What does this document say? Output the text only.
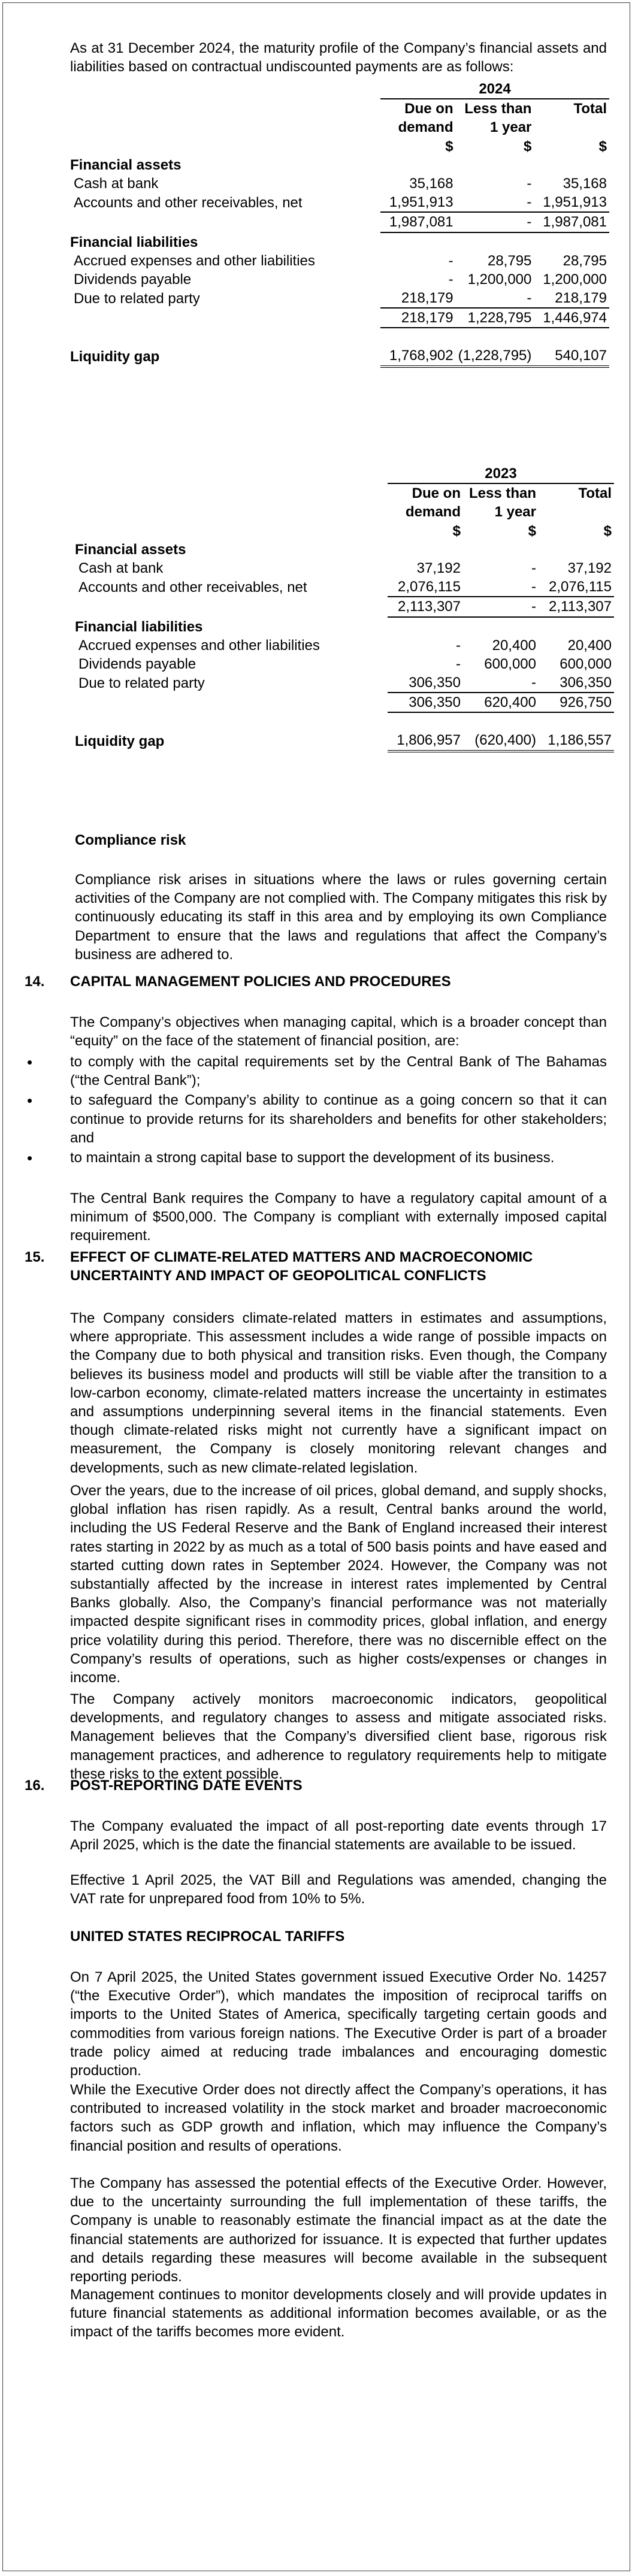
As at 31 December 2024, the maturity profile of the Company’s financial assets and liabilities based on contractual undiscounted payments are as follows:

	2024		
	Due on	Less than	Total
	demand	1 year	
	$	$	$
Financial assets			
Cash at bank	35,168	-	35,168
Accounts and other receivables, net	1,951,913	-	1,951,913
	1,987,081	-	1,987,081
Financial liabilities			
Accrued expenses and other liabilities	-	28,795	28,795
Dividends payable	-	1,200,000	1,200,000
Due to related party	218,179	-	218,179
	218,179	1,228,795	1,446,974

Liquidity gap	1,768,902	(1,228,795)	540,107
	2023		
	Due on	Less than	Total
	demand	1 year	
	$	$	$
Financial assets			
Cash at bank	37,192	-	37,192
Accounts and other receivables, net	2,076,115	-	2,076,115
	2,113,307	-	2,113,307
Financial liabilities			
Accrued expenses and other liabilities	-	20,400	20,400
Dividends payable	-	600,000	600,000
Due to related party	306,350	-	306,350
	306,350	620,400	926,750

Liquidity gap	1,806,957	(620,400)	1,186,557
Compliance risk

Compliance risk arises in situations where the laws or rules governing certain activities of the Company are not complied with. The Company mitigates this risk by continuously educating its staff in this area and by employing its own Compliance Department to ensure that the laws and regulations that affect the Company’s business are adhered to.

14. CAPITAL MANAGEMENT POLICIES AND PROCEDURES

The Company’s objectives when managing capital, which is a broader concept than “equity” on the face of the statement of financial position, are:

• to comply with the capital requirements set by the Central Bank of The Bahamas (“the Central Bank”);
• to safeguard the Company’s ability to continue as a going concern so that it can continue to provide returns for its shareholders and benefits for other stakeholders; and
• to maintain a strong capital base to support the development of its business.

The Central Bank requires the Company to have a regulatory capital amount of a minimum of $500,000. The Company is compliant with externally imposed capital requirement.

15. EFFECT OF CLIMATE-RELATED MATTERS AND MACROECONOMIC UNCERTAINTY AND IMPACT OF GEOPOLITICAL CONFLICTS

The Company considers climate-related matters in estimates and assumptions, where appropriate. This assessment includes a wide range of possible impacts on the Company due to both physical and transition risks. Even though, the Company believes its business model and products will still be viable after the transition to a low-carbon economy, climate-related matters increase the uncertainty in estimates and assumptions underpinning several items in the financial statements. Even though climate-related risks might not currently have a significant impact on measurement, the Company is closely monitoring relevant changes and developments, such as new climate-related legislation.

Over the years, due to the increase of oil prices, global demand, and supply shocks, global inflation has risen rapidly. As a result, Central banks around the world, including the US Federal Reserve and the Bank of England increased their interest rates starting in 2022 by as much as a total of 500 basis points and have eased and started cutting down rates in September 2024. However, the Company was not substantially affected by the increase in interest rates implemented by Central Banks globally. Also, the Company’s financial performance was not materially impacted despite significant rises in commodity prices, global inflation, and energy price volatility during this period. Therefore, there was no discernible effect on the Company’s results of operations, such as higher costs/expenses or changes in income.

The Company actively monitors macroeconomic indicators, geopolitical developments, and regulatory changes to assess and mitigate associated risks. Management believes that the Company’s diversified client base, rigorous risk management practices, and adherence to regulatory requirements help to mitigate these risks to the extent possible.

16. POST-REPORTING DATE EVENTS

The Company evaluated the impact of all post-reporting date events through 17 April 2025, which is the date the financial statements are available to be issued.

Effective 1 April 2025, the VAT Bill and Regulations was amended, changing the VAT rate for unprepared food from 10% to 5%.

UNITED STATES RECIPROCAL TARIFFS

On 7 April 2025, the United States government issued Executive Order No. 14257 (“the Executive Order”), which mandates the imposition of reciprocal tariffs on imports to the United States of America, specifically targeting certain goods and commodities from various foreign nations. The Executive Order is part of a broader trade policy aimed at reducing trade imbalances and encouraging domestic production.

While the Executive Order does not directly affect the Company’s operations, it has contributed to increased volatility in the stock market and broader macroeconomic factors such as GDP growth and inflation, which may influence the Company’s financial position and results of operations.

The Company has assessed the potential effects of the Executive Order. However, due to the uncertainty surrounding the full implementation of these tariffs, the Company is unable to reasonably estimate the financial impact as at the date the financial statements are authorized for issuance. It is expected that further updates and details regarding these measures will become available in the subsequent reporting periods.

Management continues to monitor developments closely and will provide updates in future financial statements as additional information becomes available, or as the impact of the tariffs becomes more evident.
